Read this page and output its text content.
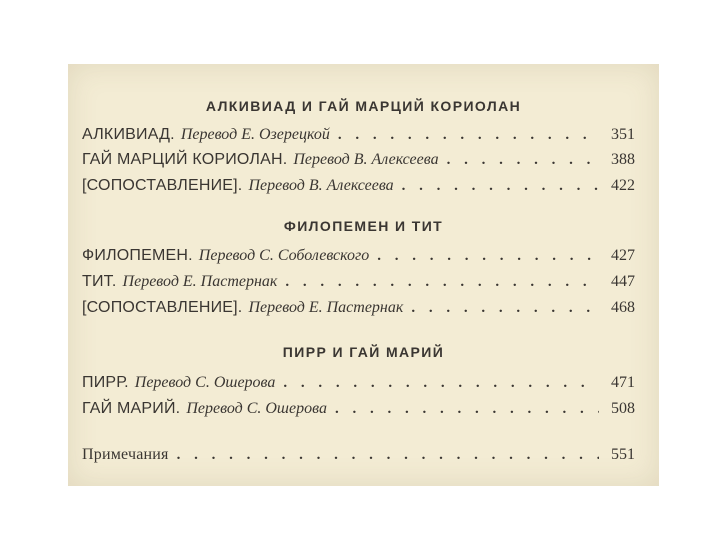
АЛКИВИАД И ГАЙ МАРЦИЙ КОРИОЛАН
АЛКИВИАД. Перевод Е. Озерецкой . . .	351
ГАЙ МАРЦИЙ КОРИОЛАН. Перевод В. Алексеева . . .	388
[СОПОСТАВЛЕНИЕ]. Перевод В. Алексеева . . .	422
ФИЛОПЕМЕН И ТИТ
ФИЛОПЕМЕН. Перевод С. Соболевского . . .	427
ТИТ. Перевод Е. Пастернак . . .	447
[СОПОСТАВЛЕНИЕ]. Перевод Е. Пастернак . . .	468
ПИРР И ГАЙ МАРИЙ
ПИРР. Перевод С. Ошерова . . .	471
ГАЙ МАРИЙ. Перевод С. Ошерова . . .	508
Примечания . . .	551
